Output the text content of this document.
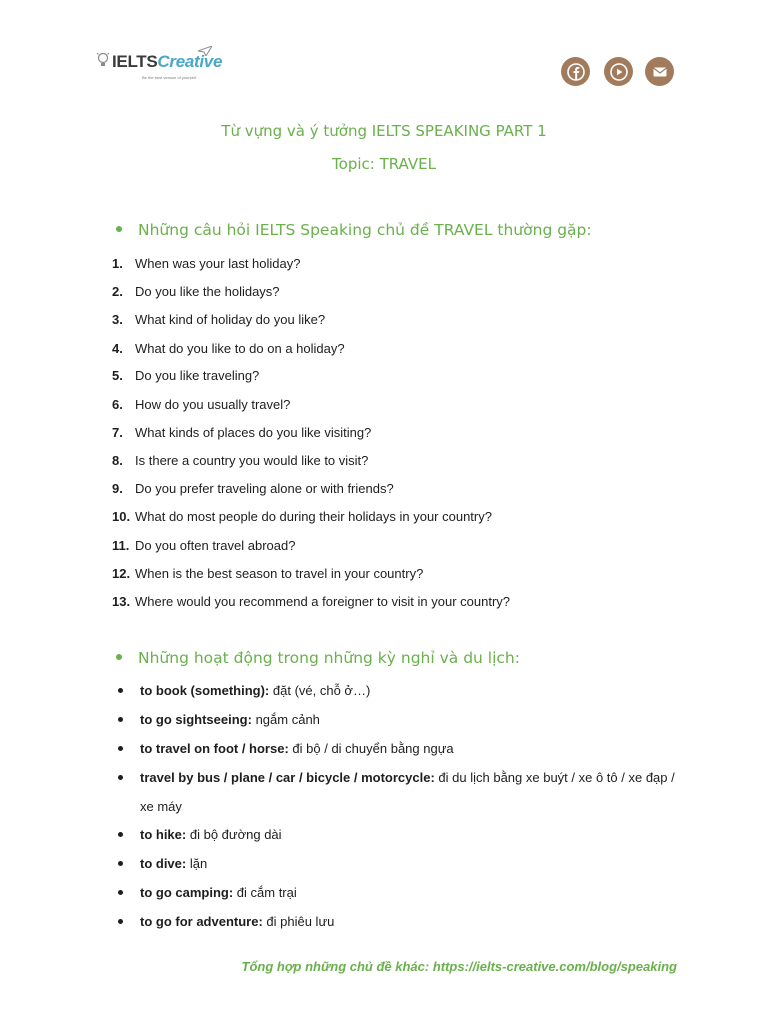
IELTSCreative
Be the best version of yourself
Từ vựng và ý tưởng IELTS SPEAKING PART 1
Topic: TRAVEL
Những câu hỏi IELTS Speaking chủ đề TRAVEL thường gặp:
1. When was your last holiday?
2. Do you like the holidays?
3. What kind of holiday do you like?
4. What do you like to do on a holiday?
5. Do you like traveling?
6. How do you usually travel?
7. What kinds of places do you like visiting?
8. Is there a country you would like to visit?
9. Do you prefer traveling alone or with friends?
10. What do most people do during their holidays in your country?
11. Do you often travel abroad?
12. When is the best season to travel in your country?
13. Where would you recommend a foreigner to visit in your country?
Những hoạt động trong những kỳ nghỉ và du lịch:
to book (something): đặt (vé, chỗ ở…)
to go sightseeing: ngắm cảnh
to travel on foot / horse: đi bộ / di chuyển bằng ngựa
travel by bus / plane / car / bicycle / motorcycle: đi du lịch bằng xe buýt / xe ô tô / xe đạp / xe máy
to hike: đi bộ đường dài
to dive: lặn
to go camping: đi cắm trại
to go for adventure: đi phiêu lưu
Tổng hợp những chủ đề khác: https://ielts-creative.com/blog/speaking
